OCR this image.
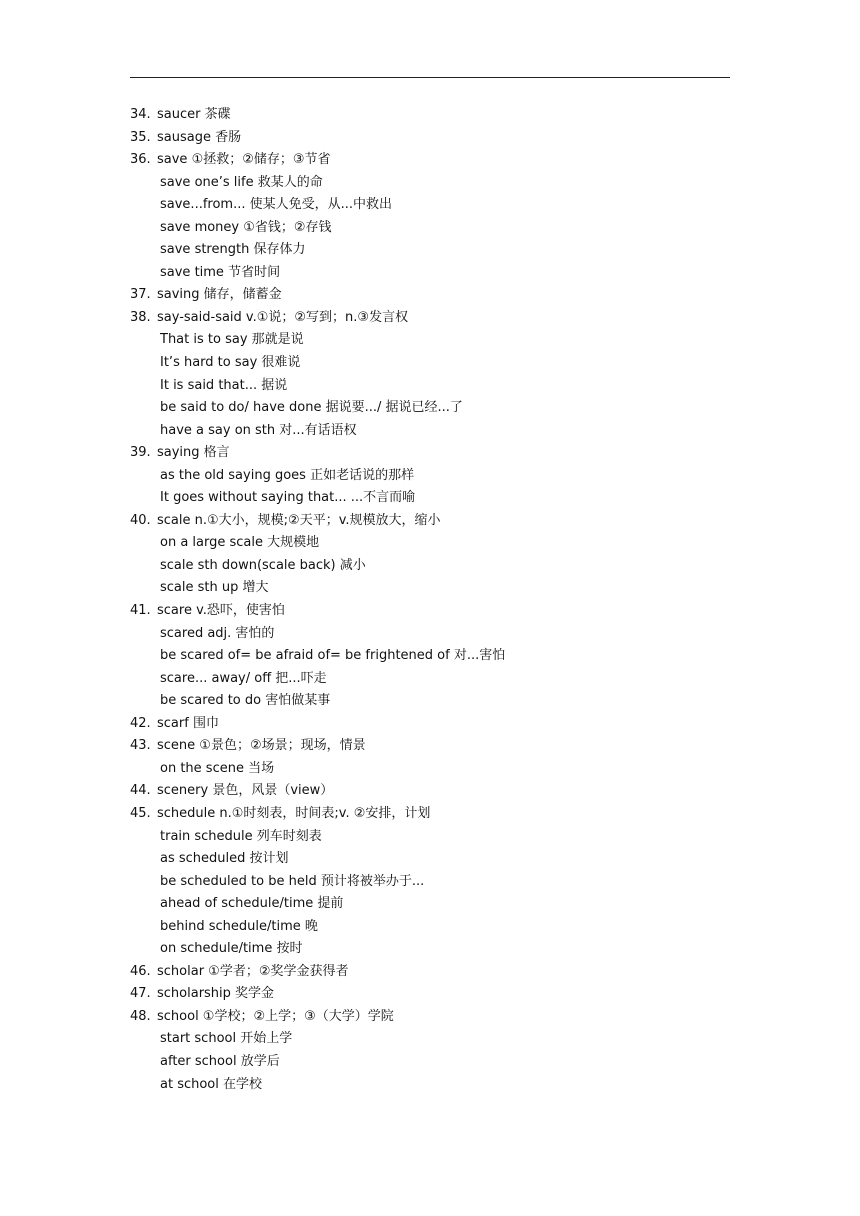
34. saucer 茶碟
35. sausage 香肠
36. save ①拯救；②储存；③节省
save one’s life 救某人的命
save...from... 使某人免受，从...中救出
save money ①省钱；②存钱
save strength 保存体力
save time 节省时间
37. saving 储存，储蓄金
38. say-said-said v.①说；②写到；n.③发言权
That is to say 那就是说
It’s hard to say 很难说
It is said that... 据说
be said to do/ have done 据说要.../ 据说已经...了
have a say on sth 对...有话语权
39. saying 格言
as the old saying goes 正如老话说的那样
It goes without saying that... ...不言而喻
40. scale n.①大小，规模;②天平；v.规模放大，缩小
on a large scale 大规模地
scale sth down(scale back) 减小
scale sth up 增大
41. scare v.恐吓，使害怕
scared adj. 害怕的
be scared of= be afraid of= be frightened of 对...害怕
scare... away/ off 把...吓走
be scared to do 害怕做某事
42. scarf 围巾
43. scene ①景色；②场景；现场，情景
on the scene 当场
44. scenery 景色，风景（view）
45. schedule n.①时刻表，时间表;v. ②安排，计划
train schedule 列车时刻表
as scheduled 按计划
be scheduled to be held 预计将被举办于...
ahead of schedule/time 提前
behind schedule/time 晚
on schedule/time 按时
46. scholar ①学者；②奖学金获得者
47. scholarship 奖学金
48. school ①学校；②上学；③（大学）学院
start school 开始上学
after school 放学后
at school 在学校
